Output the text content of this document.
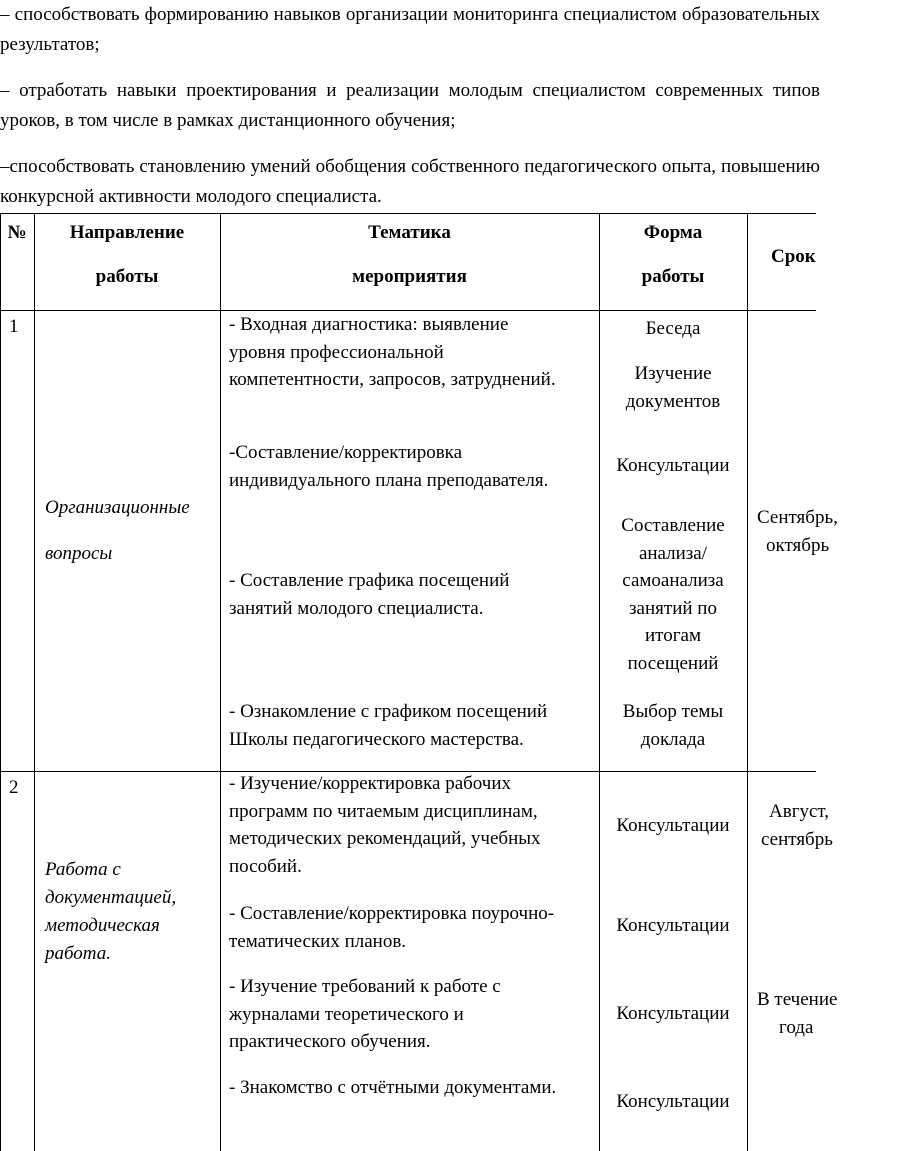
– способствовать формированию навыков организации мониторинга специалистом образовательных результатов;

– отработать навыки проектирования и реализации молодым специалистом современных типов уроков, в том числе в рамках дистанционного обучения;

–способствовать становлению умений обобщения собственного педагогического опыта, повышению конкурсной активности молодого специалиста.

№	Направление
работы
Тематика
мероприятия
Форма
работы
Срок
1
Организационные
вопросы
- Входная диагностика: выявление уровня профессиональной компетентности, запросов, затруднений.
-Составление/корректировка индивидуального плана преподавателя.
- Составление графика посещений занятий молодого специалиста.
- Ознакомление с графиком посещений Школы педагогического мастерства.
Беседа
Изучение документов
Консультации
Составление анализа/ самоанализа занятий по итогам посещений
Выбор темы доклада
Сентябрь,
октябрь
2
Работа с документацией, методическая работа.
- Изучение/корректировка рабочих программ по читаемым дисциплинам, методических рекомендаций, учебных пособий.
- Составление/корректировка поурочно-тематических планов.
- Изучение требований к работе с журналами теоретического и практического обучения.
- Знакомство с отчётными документами.
Консультации
Консультации
Консультации
Консультации
Август,
сентябрь
В течение
года
